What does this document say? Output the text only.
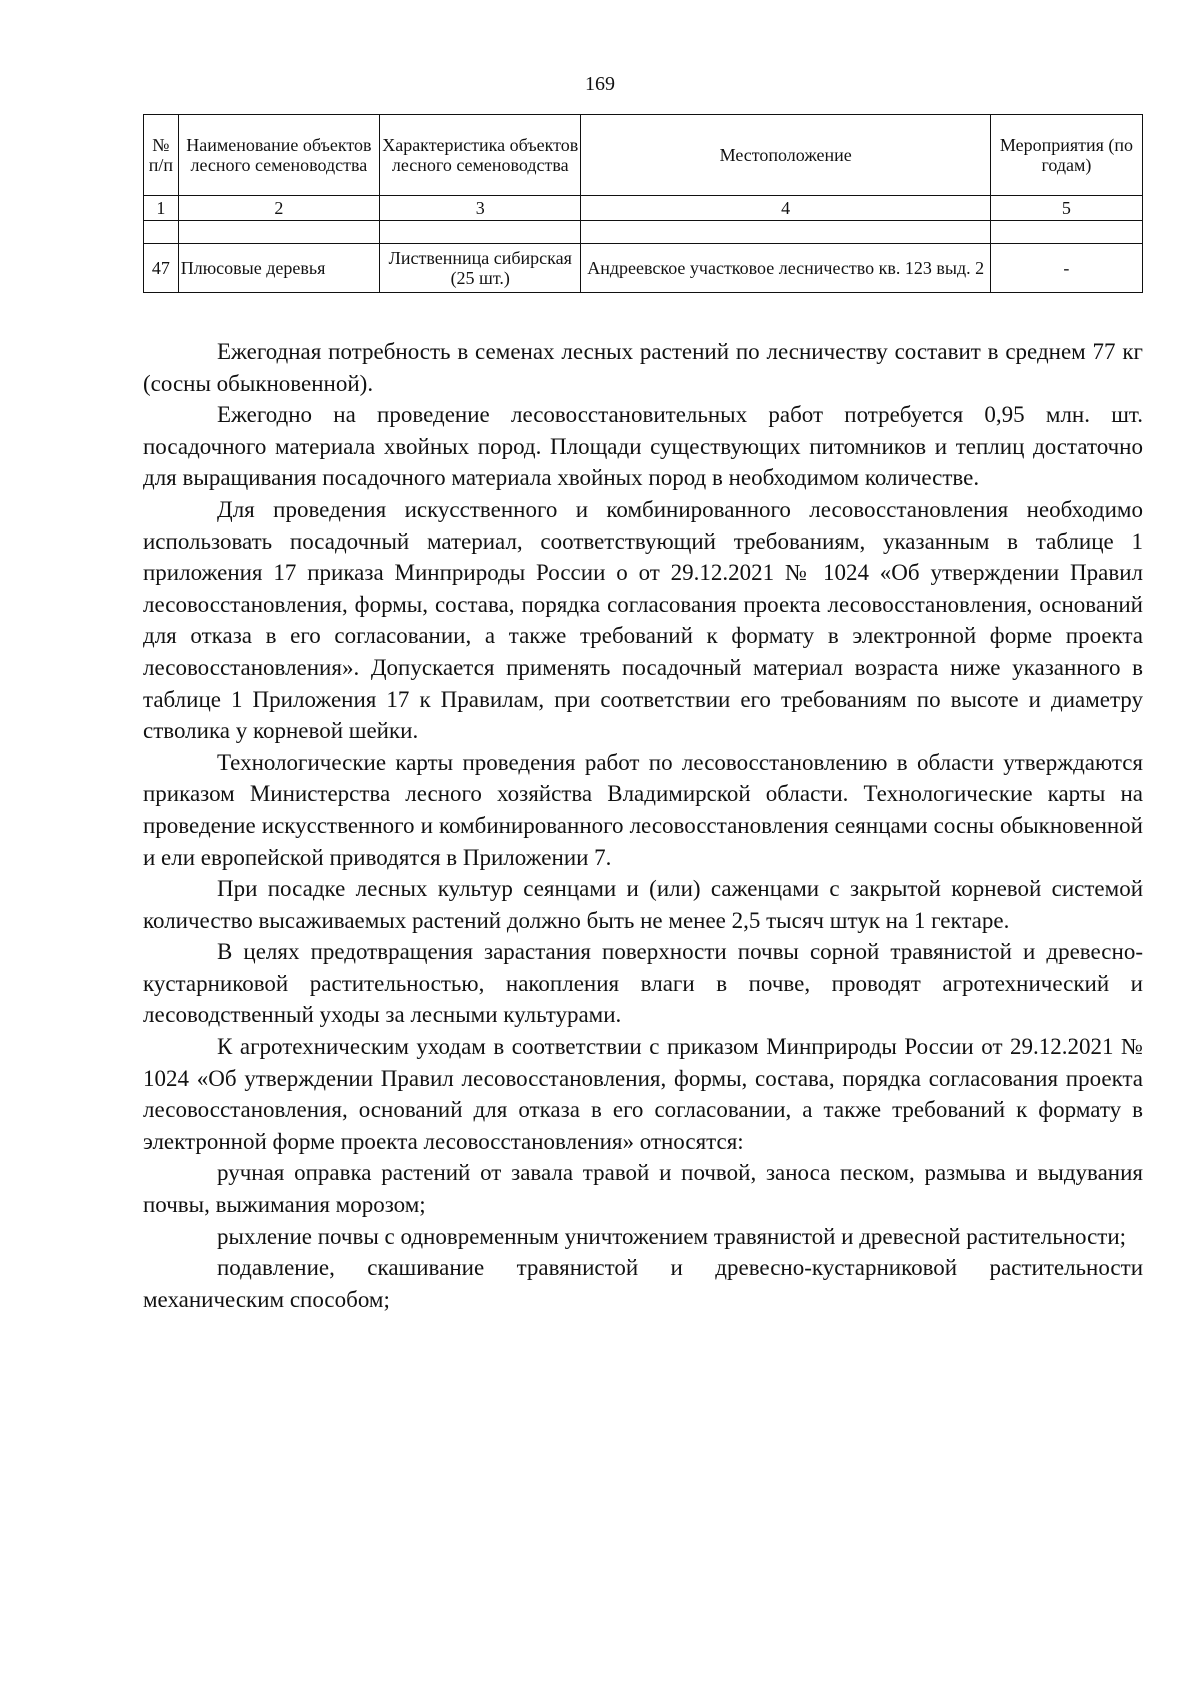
169
№ п/п	Наименование объектов лесного семеноводства	Характеристика объектов лесного семеноводства	Местоположение	Мероприятия (по годам)
1	2	3	4	5

47	Плюсовые деревья	Лиственница сибирская (25 шт.)	Андреевское участковое лесничество кв. 123 выд. 2	-

Ежегодная потребность в семенах лесных растений по лесничеству составит в среднем 77 кг (сосны обыкновенной).

Ежегодно на проведение лесовосстановительных работ потребуется 0,95 млн. шт. посадочного материала хвойных пород. Площади существующих питомников и теплиц достаточно для выращивания посадочного материала хвойных пород в необходимом количестве.

Для проведения искусственного и комбинированного лесовосстановления необходимо использовать посадочный материал, соответствующий требованиям, указанным в таблице 1 приложения 17 приказа Минприроды России о от 29.12.2021 № 1024 «Об утверждении Правил лесовосстановления, формы, состава, порядка согласования проекта лесовосстановления, оснований для отказа в его согласовании, а также требований к формату в электронной форме проекта лесовосстановления». Допускается применять посадочный материал возраста ниже указанного в таблице 1 Приложения 17 к Правилам, при соответствии его требованиям по высоте и диаметру стволика у корневой шейки.

Технологические карты проведения работ по лесовосстановлению в области утверждаются приказом Министерства лесного хозяйства Владимирской области. Технологические карты на проведение искусственного и комбинированного лесовосстановления сеянцами сосны обыкновенной и ели европейской приводятся в Приложении 7.

При посадке лесных культур сеянцами и (или) саженцами с закрытой корневой системой количество высаживаемых растений должно быть не менее 2,5 тысяч штук на 1 гектаре.

В целях предотвращения зарастания поверхности почвы сорной травянистой и древесно-кустарниковой растительностью, накопления влаги в почве, проводят агротехнический и лесоводственный уходы за лесными культурами.

К агротехническим уходам в соответствии с приказом Минприроды России от 29.12.2021 № 1024 «Об утверждении Правил лесовосстановления, формы, состава, порядка согласования проекта лесовосстановления, оснований для отказа в его согласовании, а также требований к формату в электронной форме проекта лесовосстановления» относятся:

ручная оправка растений от завала травой и почвой, заноса песком, размыва и выдувания почвы, выжимания морозом;

рыхление почвы с одновременным уничтожением травянистой и древесной растительности;

подавление, скашивание травянистой и древесно-кустарниковой растительности механическим способом;
